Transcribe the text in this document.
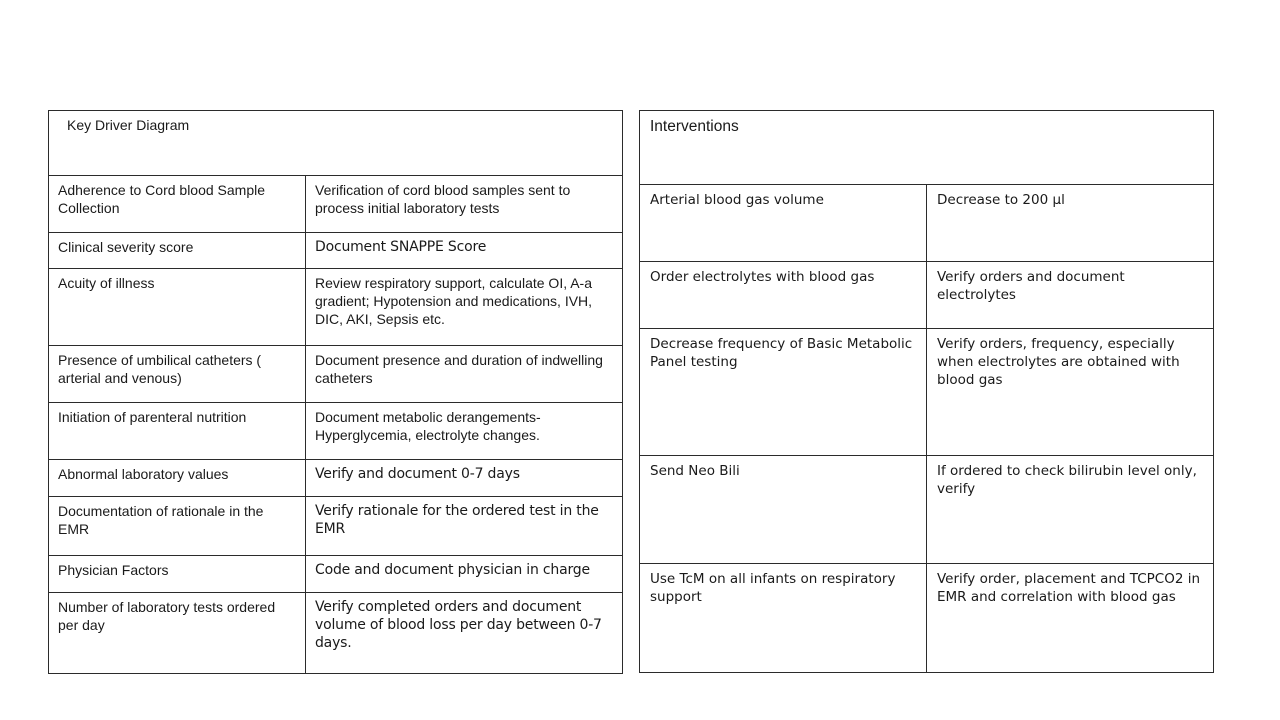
Key Driver Diagram	
Adherence to Cord blood Sample Collection	Verification of cord blood samples sent to process initial laboratory tests
Clinical severity score	Document SNAPPE Score
Acuity of illness	Review respiratory support, calculate OI, A-a gradient; Hypotension and medications, IVH, DIC, AKI, Sepsis etc.
Presence of umbilical catheters ( arterial and venous)	Document presence and duration of indwelling catheters
Initiation of parenteral nutrition	Document metabolic derangements- Hyperglycemia, electrolyte changes.
Abnormal laboratory values	Verify and document 0-7 days
Documentation of rationale in the EMR	Verify rationale for the ordered test in the EMR
Physician Factors	Code and document physician in charge
Number of laboratory tests ordered per day	Verify completed orders and document volume of blood loss per day between 0-7 days.
Interventions	
Arterial blood gas volume	Decrease to 200 µl
Order electrolytes with blood gas	Verify orders and document electrolytes
Decrease frequency of Basic Metabolic Panel testing	Verify orders, frequency, especially when electrolytes are obtained with blood gas
Send Neo Bili	If ordered to check bilirubin level only, verify
Use TcM on all infants on respiratory support	Verify order, placement and TCPCO2 in EMR and correlation with blood gas
